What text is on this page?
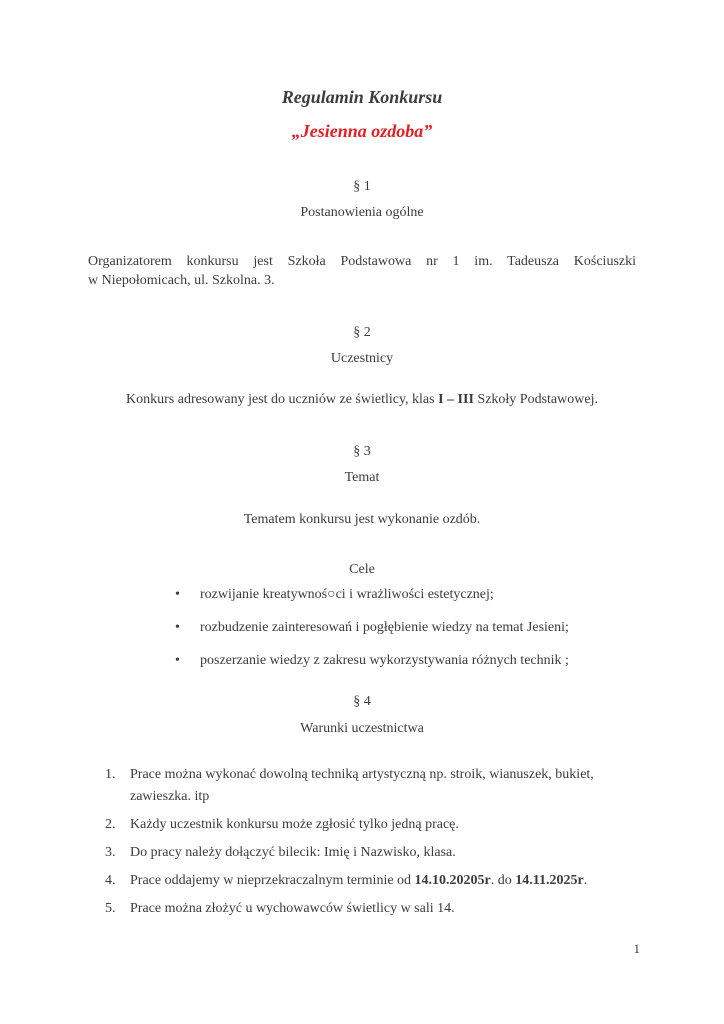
Regulamin Konkursu
„Jesienna ozdoba”
§ 1
Postanowienia ogólne
Organizatorem konkursu jest Szkoła Podstawowa nr 1 im. Tadeusza Kościuszki
w Niepołomicach, ul. Szkolna. 3.
§ 2
Uczestnicy
Konkurs adresowany jest do uczniów ze świetlicy, klas I – III Szkoły Podstawowej.
§ 3
Temat
Tematem konkursu jest wykonanie ozdób.
Cele
• rozwijanie kreatywnoś○ci i wrażliwości estetycznej;
• rozbudzenie zainteresowań i pogłębienie wiedzy na temat Jesieni;
• poszerzanie wiedzy z zakresu wykorzystywania różnych technik ;
§ 4
Warunki uczestnictwa
1. Prace można wykonać dowolną techniką artystyczną np. stroik, wianuszek, bukiet,
zawieszka. itp
2. Każdy uczestnik konkursu może zgłosić tylko jedną pracę.
3. Do pracy należy dołączyć bilecik: Imię i Nazwisko, klasa.
4. Prace oddajemy w nieprzekraczalnym terminie od 14.10.20205r. do 14.11.2025r.
5. Prace można złożyć u wychowawców świetlicy w sali 14.
1
